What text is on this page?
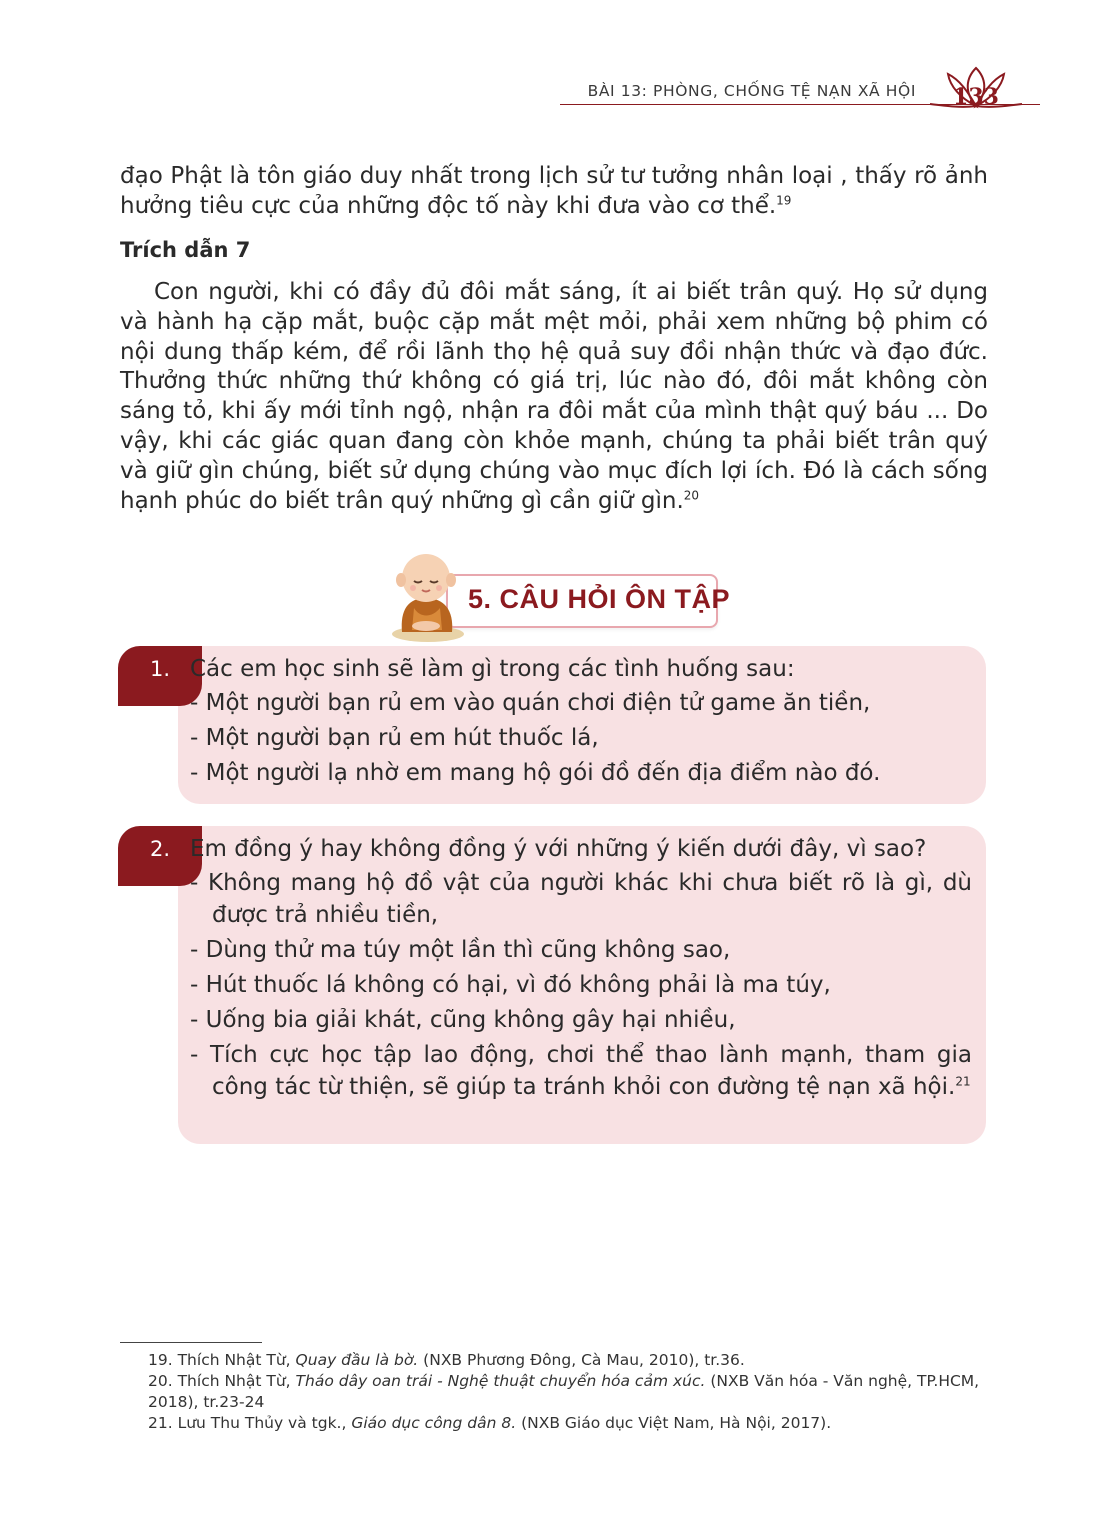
BÀI 13: PHÒNG, CHỐNG TỆ NẠN XÃ HỘI 133

đạo Phật là tôn giáo duy nhất trong lịch sử tư tưởng nhân loại , thấy rõ ảnh hưởng tiêu cực của những độc tố này khi đưa vào cơ thể.$^{19}$

Trích dẫn 7

Con người, khi có đầy đủ đôi mắt sáng, ít ai biết trân quý. Họ sử dụng và hành hạ cặp mắt, buộc cặp mắt mệt mỏi, phải xem những bộ phim có nội dung thấp kém, để rồi lãnh thọ hệ quả suy đồi nhận thức và đạo đức. Thưởng thức những thứ không có giá trị, lúc nào đó, đôi mắt không còn sáng tỏ, khi ấy mới tỉnh ngộ, nhận ra đôi mắt của mình thật quý báu ... Do vậy, khi các giác quan đang còn khỏe mạnh, chúng ta phải biết trân quý và giữ gìn chúng, biết sử dụng chúng vào mục đích lợi ích. Đó là cách sống hạnh phúc do biết trân quý những gì cần giữ gìn.$^{20}$

5. CÂU HỎI ÔN TẬP
1. Các em học sinh sẽ làm gì trong các tình huống sau:

- Một người bạn rủ em vào quán chơi điện tử game ăn tiền,

- Một người bạn rủ em hút thuốc lá,

- Một người lạ nhờ em mang hộ gói đồ đến địa điểm nào đó.

2. Em đồng ý hay không đồng ý với những ý kiến dưới đây, vì sao?

- Không mang hộ đồ vật của người khác khi chưa biết rõ là gì, dù được trả nhiều tiền,

- Dùng thử ma túy một lần thì cũng không sao,

- Hút thuốc lá không có hại, vì đó không phải là ma túy,

- Uống bia giải khát, cũng không gây hại nhiều,

- Tích cực học tập lao động, chơi thể thao lành mạnh, tham gia công tác từ thiện, sẽ giúp ta tránh khỏi con đường tệ nạn xã hội.$^{21}$

19. Thích Nhật Từ, Quay đầu là bờ. (NXB Phương Đông, Cà Mau, 2010), tr.36.

20. Thích Nhật Từ, Tháo dây oan trái - Nghệ thuật chuyển hóa cảm xúc. (NXB Văn hóa - Văn nghệ, TP.HCM, 2018), tr.23-24

21. Lưu Thu Thủy và tgk., Giáo dục công dân 8. (NXB Giáo dục Việt Nam, Hà Nội, 2017).
